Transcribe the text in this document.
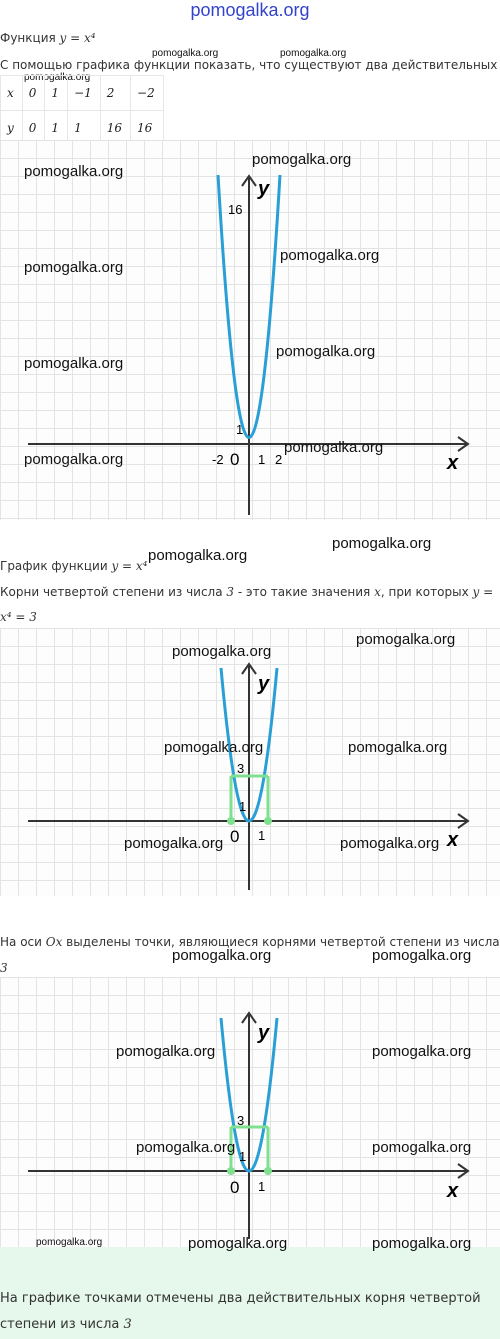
pomogalka.org
Функция y = x⁴
pomogalka.org	pomogalka.org
С помощью графика функции показать, что существуют два действительных
pomogalka.org
x	0	1	−1	2	−2
y	0	1	1	16	16
y
x
16
1
-2 0 1 2
pomogalka.org
pomogalka.org
pomogalka.org
pomogalka.org
pomogalka.org
pomogalka.org
pomogalka.org
pomogalka.org
График функции y = x⁴
pomogalka.org
pomogalka.org
Корни четвертой степени из числа 3 - это такие значения x, при которых y =
x⁴ = 3
y
x
3
1
0 1
pomogalka.org
pomogalka.org
pomogalka.org	pomogalka.org
pomogalka.org	pomogalka.org
На оси Ox выделены точки, являющиеся корнями четвертой степени из числа
3
pomogalka.org	pomogalka.org
y
x
3
1
0 1
pomogalka.org	pomogalka.org
pomogalka.org	pomogalka.org
pomogalka.org	pomogalka.org	pomogalka.org
На графике точками отмечены два действительных корня четвертой
степени из числа 3
